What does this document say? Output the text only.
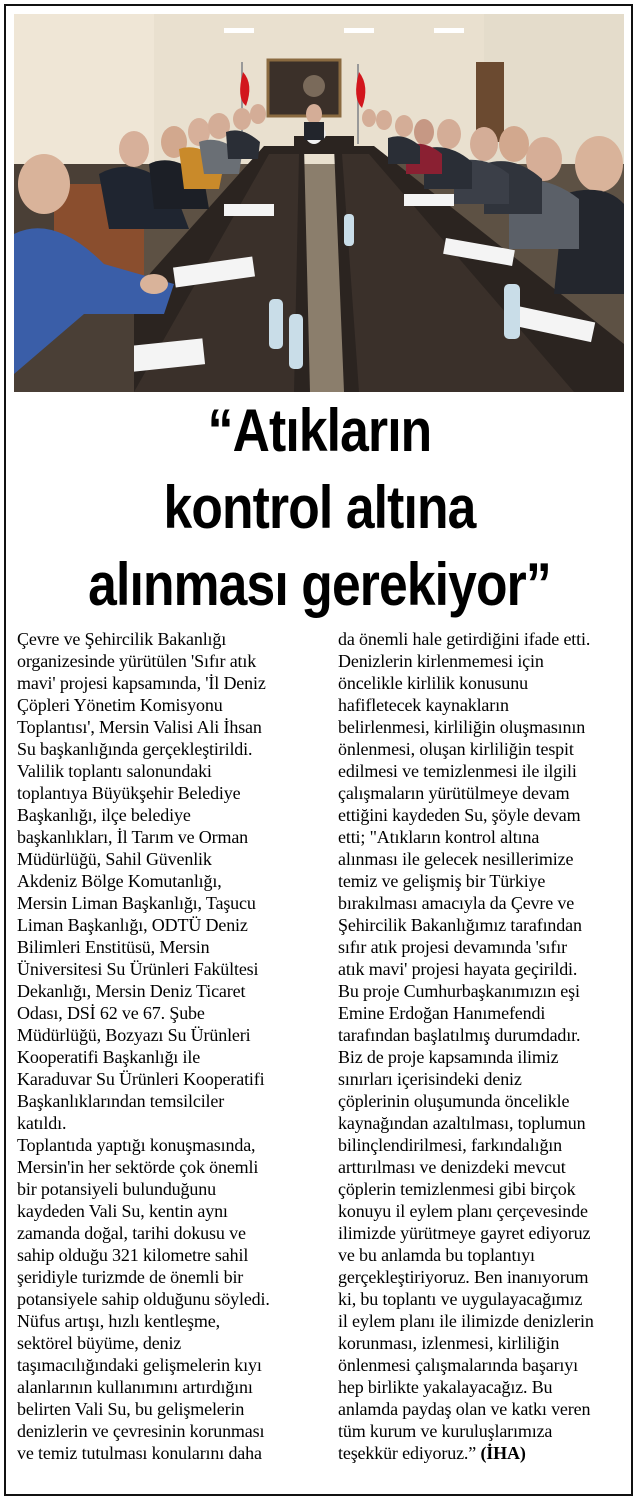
“Atıkların
kontrol altına
alınması gerekiyor”

Çevre ve Şehircilik Bakanlığı
organizesinde yürütülen 'Sıfır atık
mavi' projesi kapsamında, 'İl Deniz
Çöpleri Yönetim Komisyonu
Toplantısı', Mersin Valisi Ali İhsan
Su başkanlığında gerçekleştirildi.
Valilik toplantı salonundaki
toplantıya Büyükşehir Belediye
Başkanlığı, ilçe belediye
başkanlıkları, İl Tarım ve Orman
Müdürlüğü, Sahil Güvenlik
Akdeniz Bölge Komutanlığı,
Mersin Liman Başkanlığı, Taşucu
Liman Başkanlığı, ODTÜ Deniz
Bilimleri Enstitüsü, Mersin
Üniversitesi Su Ürünleri Fakültesi
Dekanlığı, Mersin Deniz Ticaret
Odası, DSİ 62 ve 67. Şube
Müdürlüğü, Bozyazı Su Ürünleri
Kooperatifi Başkanlığı ile
Karaduvar Su Ürünleri Kooperatifi
Başkanlıklarından temsilciler
katıldı.

Toplantıda yaptığı konuşmasında,
Mersin'in her sektörde çok önemli
bir potansiyeli bulunduğunu
kaydeden Vali Su, kentin aynı
zamanda doğal, tarihi dokusu ve
sahip olduğu 321 kilometre sahil
şeridiyle turizmde de önemli bir
potansiyele sahip olduğunu söyledi.
Nüfus artışı, hızlı kentleşme,
sektörel büyüme, deniz
taşımacılığındaki gelişmelerin kıyı
alanlarının kullanımını artırdığını
belirten Vali Su, bu gelişmelerin
denizlerin ve çevresinin korunması
ve temiz tutulması konularını daha

da önemli hale getirdiğini ifade etti.
Denizlerin kirlenmemesi için
öncelikle kirlilik konusunu
hafifletecek kaynakların
belirlenmesi, kirliliğin oluşmasının
önlenmesi, oluşan kirliliğin tespit
edilmesi ve temizlenmesi ile ilgili
çalışmaların yürütülmeye devam
ettiğini kaydeden Su, şöyle devam
etti; "Atıkların kontrol altına
alınması ile gelecek nesillerimize
temiz ve gelişmiş bir Türkiye
bırakılması amacıyla da Çevre ve
Şehircilik Bakanlığımız tarafından
sıfır atık projesi devamında 'sıfır
atık mavi' projesi hayata geçirildi.
Bu proje Cumhurbaşkanımızın eşi
Emine Erdoğan Hanımefendi
tarafından başlatılmış durumdadır.
Biz de proje kapsamında ilimiz
sınırları içerisindeki deniz
çöplerinin oluşumunda öncelikle
kaynağından azaltılması, toplumun
bilinçlendirilmesi, farkındalığın
arttırılması ve denizdeki mevcut
çöplerin temizlenmesi gibi birçok
konuyu il eylem planı çerçevesinde
ilimizde yürütmeye gayret ediyoruz
ve bu anlamda bu toplantıyı
gerçekleştiriyoruz. Ben inanıyorum
ki, bu toplantı ve uygulayacağımız
il eylem planı ile ilimizde denizlerin
korunması, izlenmesi, kirliliğin
önlenmesi çalışmalarında başarıyı
hep birlikte yakalayacağız. Bu
anlamda paydaş olan ve katkı veren
tüm kurum ve kuruluşlarımıza
teşekkür ediyoruz.” (İHA)
